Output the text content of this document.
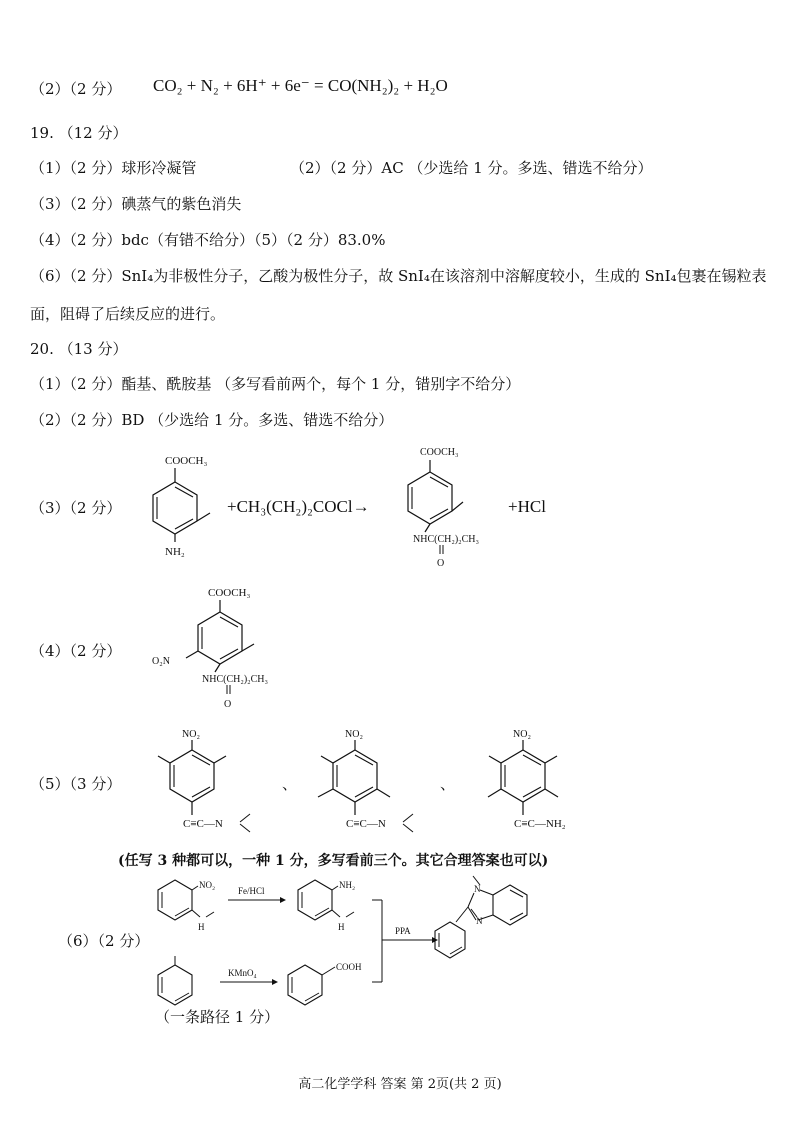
（2）（2 分） CO₂ + N₂ + 6H⁺ + 6e⁻ = CO(NH₂)₂ + H₂O
19. （12 分）
（1）（2 分）球形冷凝管	（2）（2 分）AC （少选给 1 分。多选、错选不给分）
（3）（2 分）碘蒸气的紫色消失
（4）（2 分）bdc（有错不给分）（5）（2 分）83.0%
（6）（2 分）SnI₄为非极性分子，乙酸为极性分子，故 SnI₄在该溶剂中溶解度较小，生成的 SnI₄包裹在锡粒表面，阻碍了后续反应的进行。
20. （13 分）
（1）（2 分）酯基、酰胺基 （多写看前两个，每个 1 分，错别字不给分）
（2）（2 分）BD （少选给 1 分。多选、错选不给分）
（3）（2 分）
COOCH₃
NH₂
+CH₃(CH₂)₂COCl→
COOCH₃
NHC(CH₂)₂CH₃
O
+HCl
（4）（2 分）
COOCH₃
O₂N
NHC(CH₂)₂CH₃
O
（5）（3 分）
NO₂
C≡C—N
、
NO₂
C≡C—N
、
NO₂
C≡C—NH₂
(任写 3 种都可以，一种 1 分，多写看前三个。其它合理答案也可以)
（6）（2 分）
NO₂
H
Fe/HCl
NH₂
H
KMnO₄
COOH
PPA
N
N
（一条路径 1 分）
高二化学学科 答案 第 2页(共 2 页)
